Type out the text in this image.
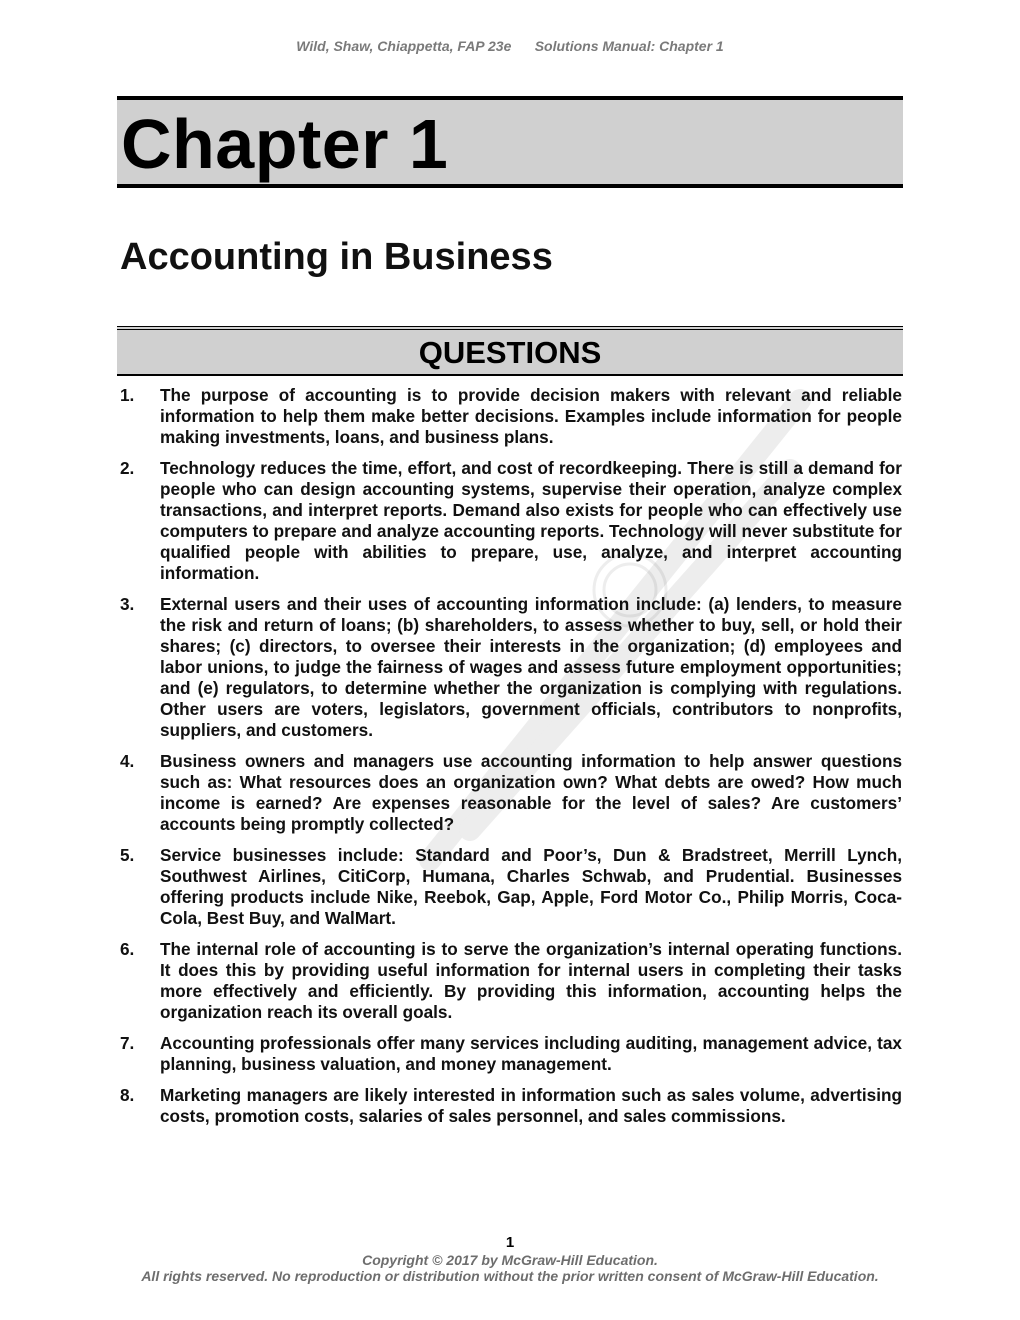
Wild, Shaw, Chiappetta, FAP 23e      Solutions Manual: Chapter 1
Chapter 1
Accounting in Business
QUESTIONS
1.	The purpose of accounting is to provide decision makers with relevant and reliable information to help them make better decisions. Examples include information for people making investments, loans, and business plans.
2.	Technology reduces the time, effort, and cost of recordkeeping. There is still a demand for people who can design accounting systems, supervise their operation, analyze complex transactions, and interpret reports. Demand also exists for people who can effectively use computers to prepare and analyze accounting reports. Technology will never substitute for qualified people with abilities to prepare, use, analyze, and interpret accounting information.
3.	External users and their uses of accounting information include: (a) lenders, to measure the risk and return of loans; (b) shareholders, to assess whether to buy, sell, or hold their shares; (c) directors, to oversee their interests in the organization; (d) employees and labor unions, to judge the fairness of wages and assess future employment opportunities; and (e) regulators, to determine whether the organization is complying with regulations. Other users are voters, legislators, government officials, contributors to nonprofits, suppliers, and customers.
4.	Business owners and managers use accounting information to help answer questions such as: What resources does an organization own? What debts are owed? How much income is earned? Are expenses reasonable for the level of sales? Are customers’ accounts being promptly collected?
5.	Service businesses include: Standard and Poor’s, Dun & Bradstreet, Merrill Lynch, Southwest Airlines, CitiCorp, Humana, Charles Schwab, and Prudential. Businesses offering products include Nike, Reebok, Gap, Apple, Ford Motor Co., Philip Morris, Coca-Cola, Best Buy, and WalMart.
6.	The internal role of accounting is to serve the organization’s internal operating functions. It does this by providing useful information for internal users in completing their tasks more effectively and efficiently. By providing this information, accounting helps the organization reach its overall goals.
7.	Accounting professionals offer many services including auditing, management advice, tax planning, business valuation, and money management.
8.	Marketing managers are likely interested in information such as sales volume, advertising costs, promotion costs, salaries of sales personnel, and sales commissions.
1
Copyright © 2017 by McGraw-Hill Education.
All rights reserved. No reproduction or distribution without the prior written consent of McGraw-Hill Education.
